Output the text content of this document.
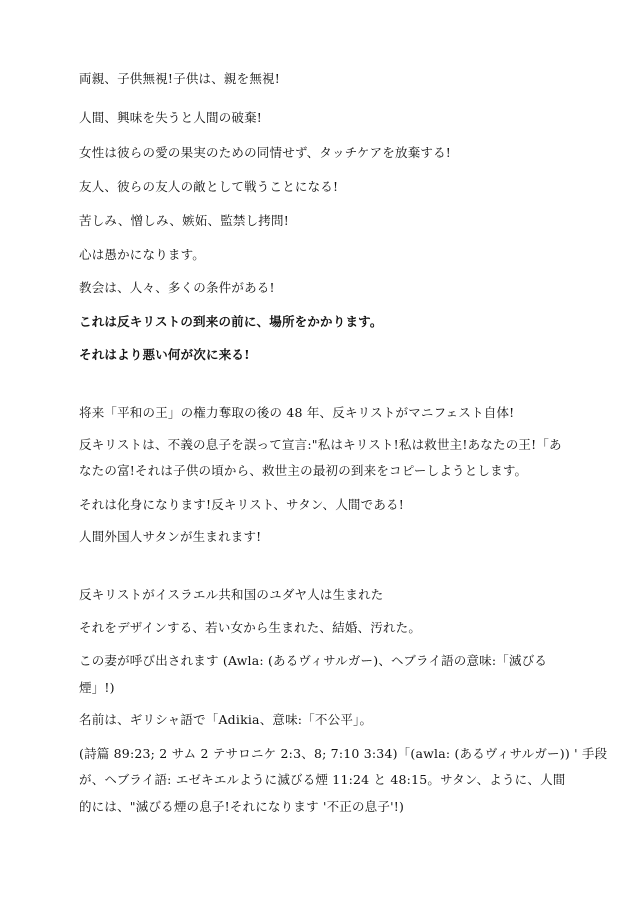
両親、子供無視!子供は、親を無視!
人間、興味を失うと人間の破棄!
女性は彼らの愛の果実のための同情せず、タッチケアを放棄する!
友人、彼らの友人の敵として戦うことになる!
苦しみ、憎しみ、嫉妬、監禁し拷問!
心は愚かになります。
教会は、人々、多くの条件がある!
これは反キリストの到来の前に、場所をかかります。
それはより悪い何が次に来る!
将来「平和の王」の権力奪取の後の 48 年、反キリストがマニフェスト自体!
反キリストは、不義の息子を誤って宣言:"私はキリスト!私は救世主!あなたの王!「あ
なたの富!それは子供の頃から、救世主の最初の到来をコピーしようとします。
それは化身になります!反キリスト、サタン、人間である!
人間外国人サタンが生まれます!
反キリストがイスラエル共和国のユダヤ人は生まれた
それをデザインする、若い女から生まれた、結婚、汚れた。
この妻が呼び出されます (Awla: (あるヴィサルガー)、ヘブライ語の意味:「滅びる
煙」!)
名前は、ギリシャ語で「Adikia、意味:「不公平」。
(詩篇 89:23; 2 サム 2 テサロニケ 2:3、8; 7:10 3:34)「(awla: (あるヴィサルガー)) ' 手段
が、ヘブライ語: エゼキエルように滅びる煙 11:24 と 48:15。サタン、ように、人間
的には、"滅びる煙の息子!それになります '不正の息子'!)
